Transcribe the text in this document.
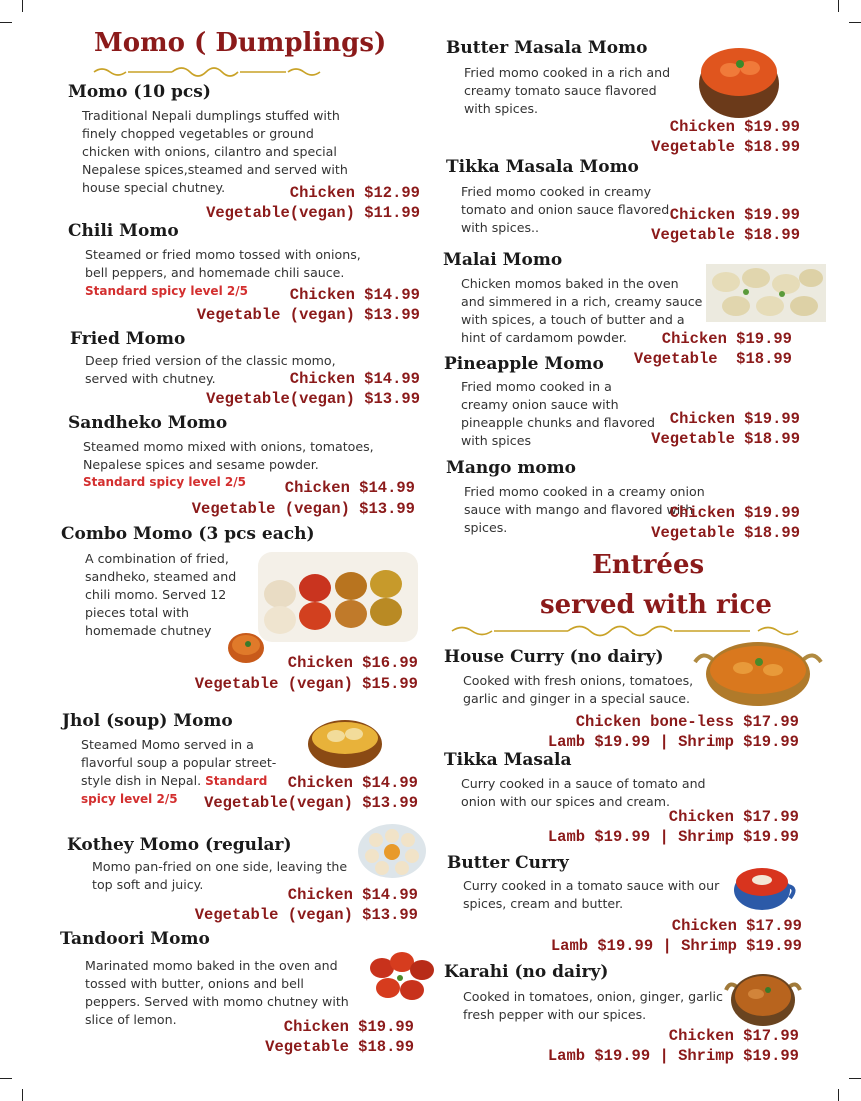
Momo ( Dumplings)
Momo (10 pcs)
Traditional Nepali dumplings stuffed with finely chopped vegetables or ground chicken with onions, cilantro and special Nepalese spices,steamed and served with house special chutney.	Chicken $12.99
Vegetable(vegan) $11.99
Chili Momo
Steamed or fried momo tossed with onions, bell peppers, and homemade chili sauce.
Standard spicy level 2/5	Chicken $14.99
Vegetable (vegan) $13.99
Fried Momo
Deep fried version of the classic momo, served with chutney.	Chicken $14.99
Vegetable(vegan) $13.99
Sandheko Momo
Steamed momo mixed with onions, tomatoes, Nepalese spices and sesame powder.
Standard spicy level 2/5	Chicken $14.99
Vegetable (vegan) $13.99
Combo Momo (3 pcs each)
A combination of fried, sandheko, steamed and chili momo. Served 12 pieces total with homemade chutney
Chicken $16.99
Vegetable (vegan) $15.99
Jhol (soup) Momo
Steamed Momo served in a flavorful soup a popular street-style dish in Nepal. Standard spicy level 2/5
Chicken $14.99
Vegetable(vegan) $13.99
Kothey Momo (regular)
Momo pan-fried on one side, leaving the top soft and juicy.
Chicken $14.99
Vegetable (vegan) $13.99
Tandoori Momo
Marinated momo baked in the oven and tossed with butter, onions and bell peppers. Served with momo chutney with slice of lemon.	Chicken $19.99
Vegetable $18.99
Butter Masala Momo
Fried momo cooked in a rich and creamy tomato sauce flavored with spices.
Chicken $19.99
Vegetable $18.99
Tikka Masala Momo
Fried momo cooked in creamy tomato and onion sauce flavored with spices..
Chicken $19.99
Vegetable $18.99
Malai Momo
Chicken momos baked in the oven and simmered in a rich, creamy sauce with spices, a touch of butter and a hint of cardamom powder.	Chicken $19.99
Vegetable  $18.99
Pineapple Momo
Fried momo cooked in a creamy onion sauce with pineapple chunks and flavored with spices
Chicken $19.99
Vegetable $18.99
Mango momo
Fried momo cooked in a creamy onion sauce with mango and flavored with spices.
Chicken $19.99
Vegetable $18.99
Entrées
served with rice
House Curry (no dairy)
Cooked with fresh onions, tomatoes, garlic and ginger in a special sauce.
Chicken bone-less $17.99
Lamb $19.99 | Shrimp $19.99
Tikka Masala
Curry cooked in a sauce of tomato and onion with our spices and cream.
Chicken $17.99
Lamb $19.99 | Shrimp $19.99
Butter Curry
Curry cooked in a tomato sauce with our spices, cream and butter.
Chicken $17.99
Lamb $19.99 | Shrimp $19.99
Karahi (no dairy)
Cooked in tomatoes, onion, ginger, garlic fresh pepper with our spices.
Chicken $17.99
Lamb $19.99 | Shrimp $19.99
